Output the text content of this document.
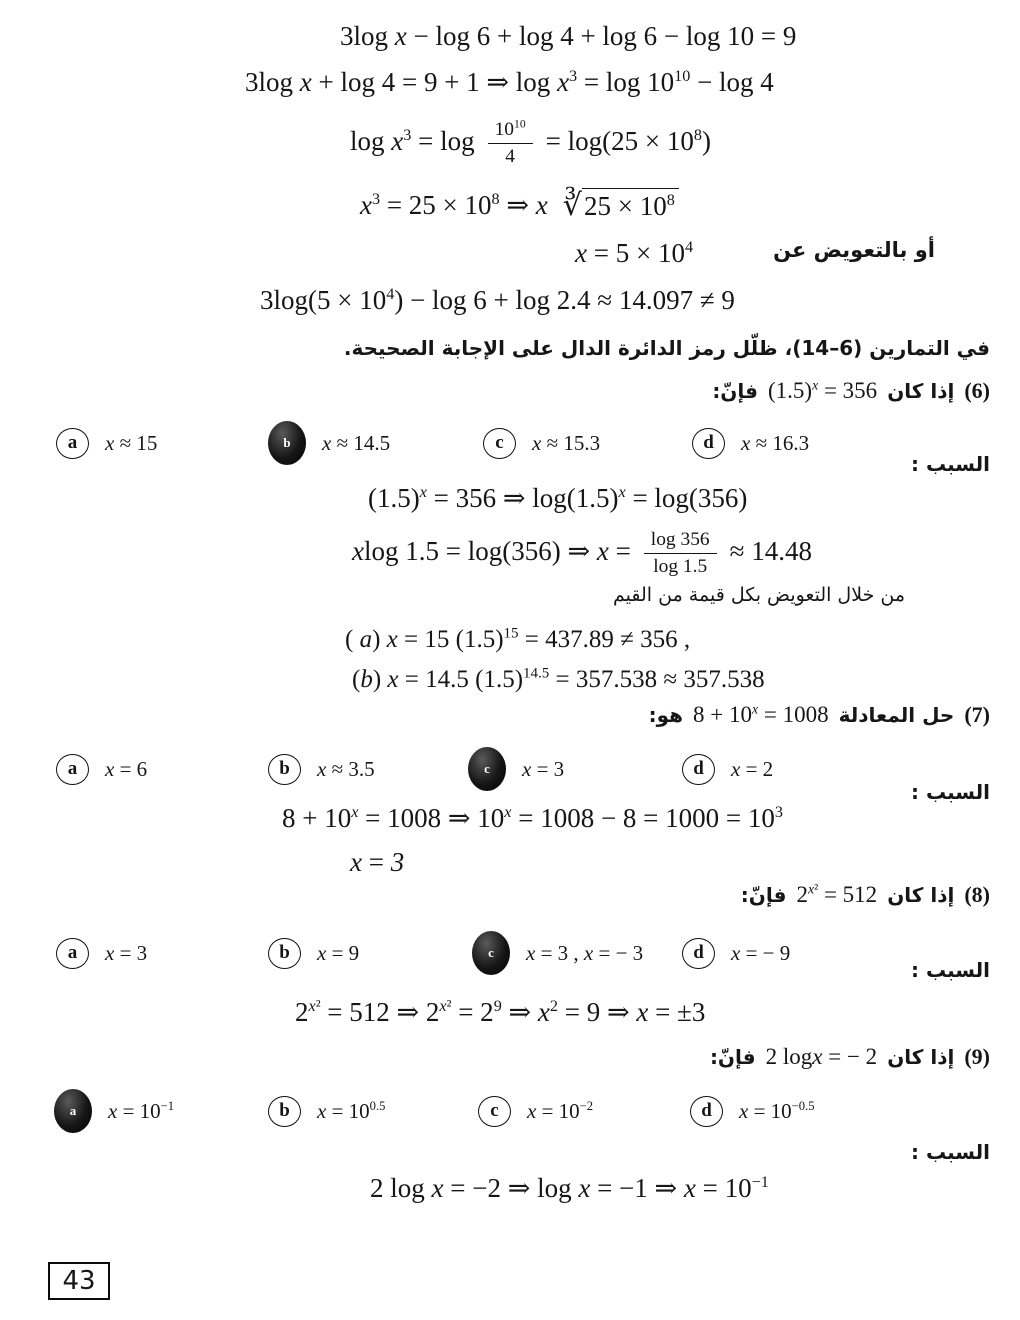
3log x − log 6 + log 4 + log 6 − log 10 = 9
3log x + log 4 = 9 + 1 ⇒ $\log x^3 = \log 10^{10} - \log 4$
$\log x^3 = \log \frac{10^{10}}{4} = \log(25 \times 10^8)$
$x^3 = 25 \times 10^8$ ⇒ x ∛ $25 \times 10^8$
$x = 5 \times 10^4$	أو بالتعويض عن
$3\log(5 \times 10^4) - \log 6 + \log 2.4 \approx 14.097 \ne 9$
في التمارين (6–14)، ظلّل رمز الدائرة الدال على الإجابة الصحيحة.
(6)
إذا كان
$(1.5)^x = 356$
فإنّ:
a	x ≈ 15	b	x ≈ 14.5	c	x ≈ 15.3	d	x ≈ 16.3
السبب :
$(1.5)^x = 356$ ⇒ $\log(1.5)^x = \log(356)$
xlog 1.5 = log(356) ⇒ $x = \frac{\log 356}{\log 1.5} \approx 14.48$
من خلال التعويض بكل قيمة من القيم
( a) x = 15 $(1.5)^{15} = 437.89 \ne 356$ ,
(b) x = 14.5 $(1.5)^{14.5} = 357.538 \approx 357.538$
(7)
حل المعادلة
$8 + 10^x = 1008$
هو:
a	x = 6	b	x ≈ 3.5	c	x = 3	d	x = 2
السبب :
$8 + 10^x = 1008$ ⇒ $10^x = 1008 - 8 = 1000 = 10^3$
x = 3
(8)
إذا كان
$2^{x^2} = 512$
فإنّ:
a	x = 3	b	x = 9	c	x = 3 , x = − 3	d	x = − 9
السبب :
$2^{x^2} = 512$ ⇒ $2^{x^2} = 2^9$ ⇒ $x^2 = 9$ ⇒ x = ±3
(9)
إذا كان
2 logx = − 2
فإنّ:
a	$x = 10^{-1}$	b	$x = 10^{0.5}$	c	$x = 10^{-2}$	d	$x = 10^{-0.5}$
السبب :
2 log x = −2 ⇒ log x = −1 ⇒ $x = 10^{-1}$
43
